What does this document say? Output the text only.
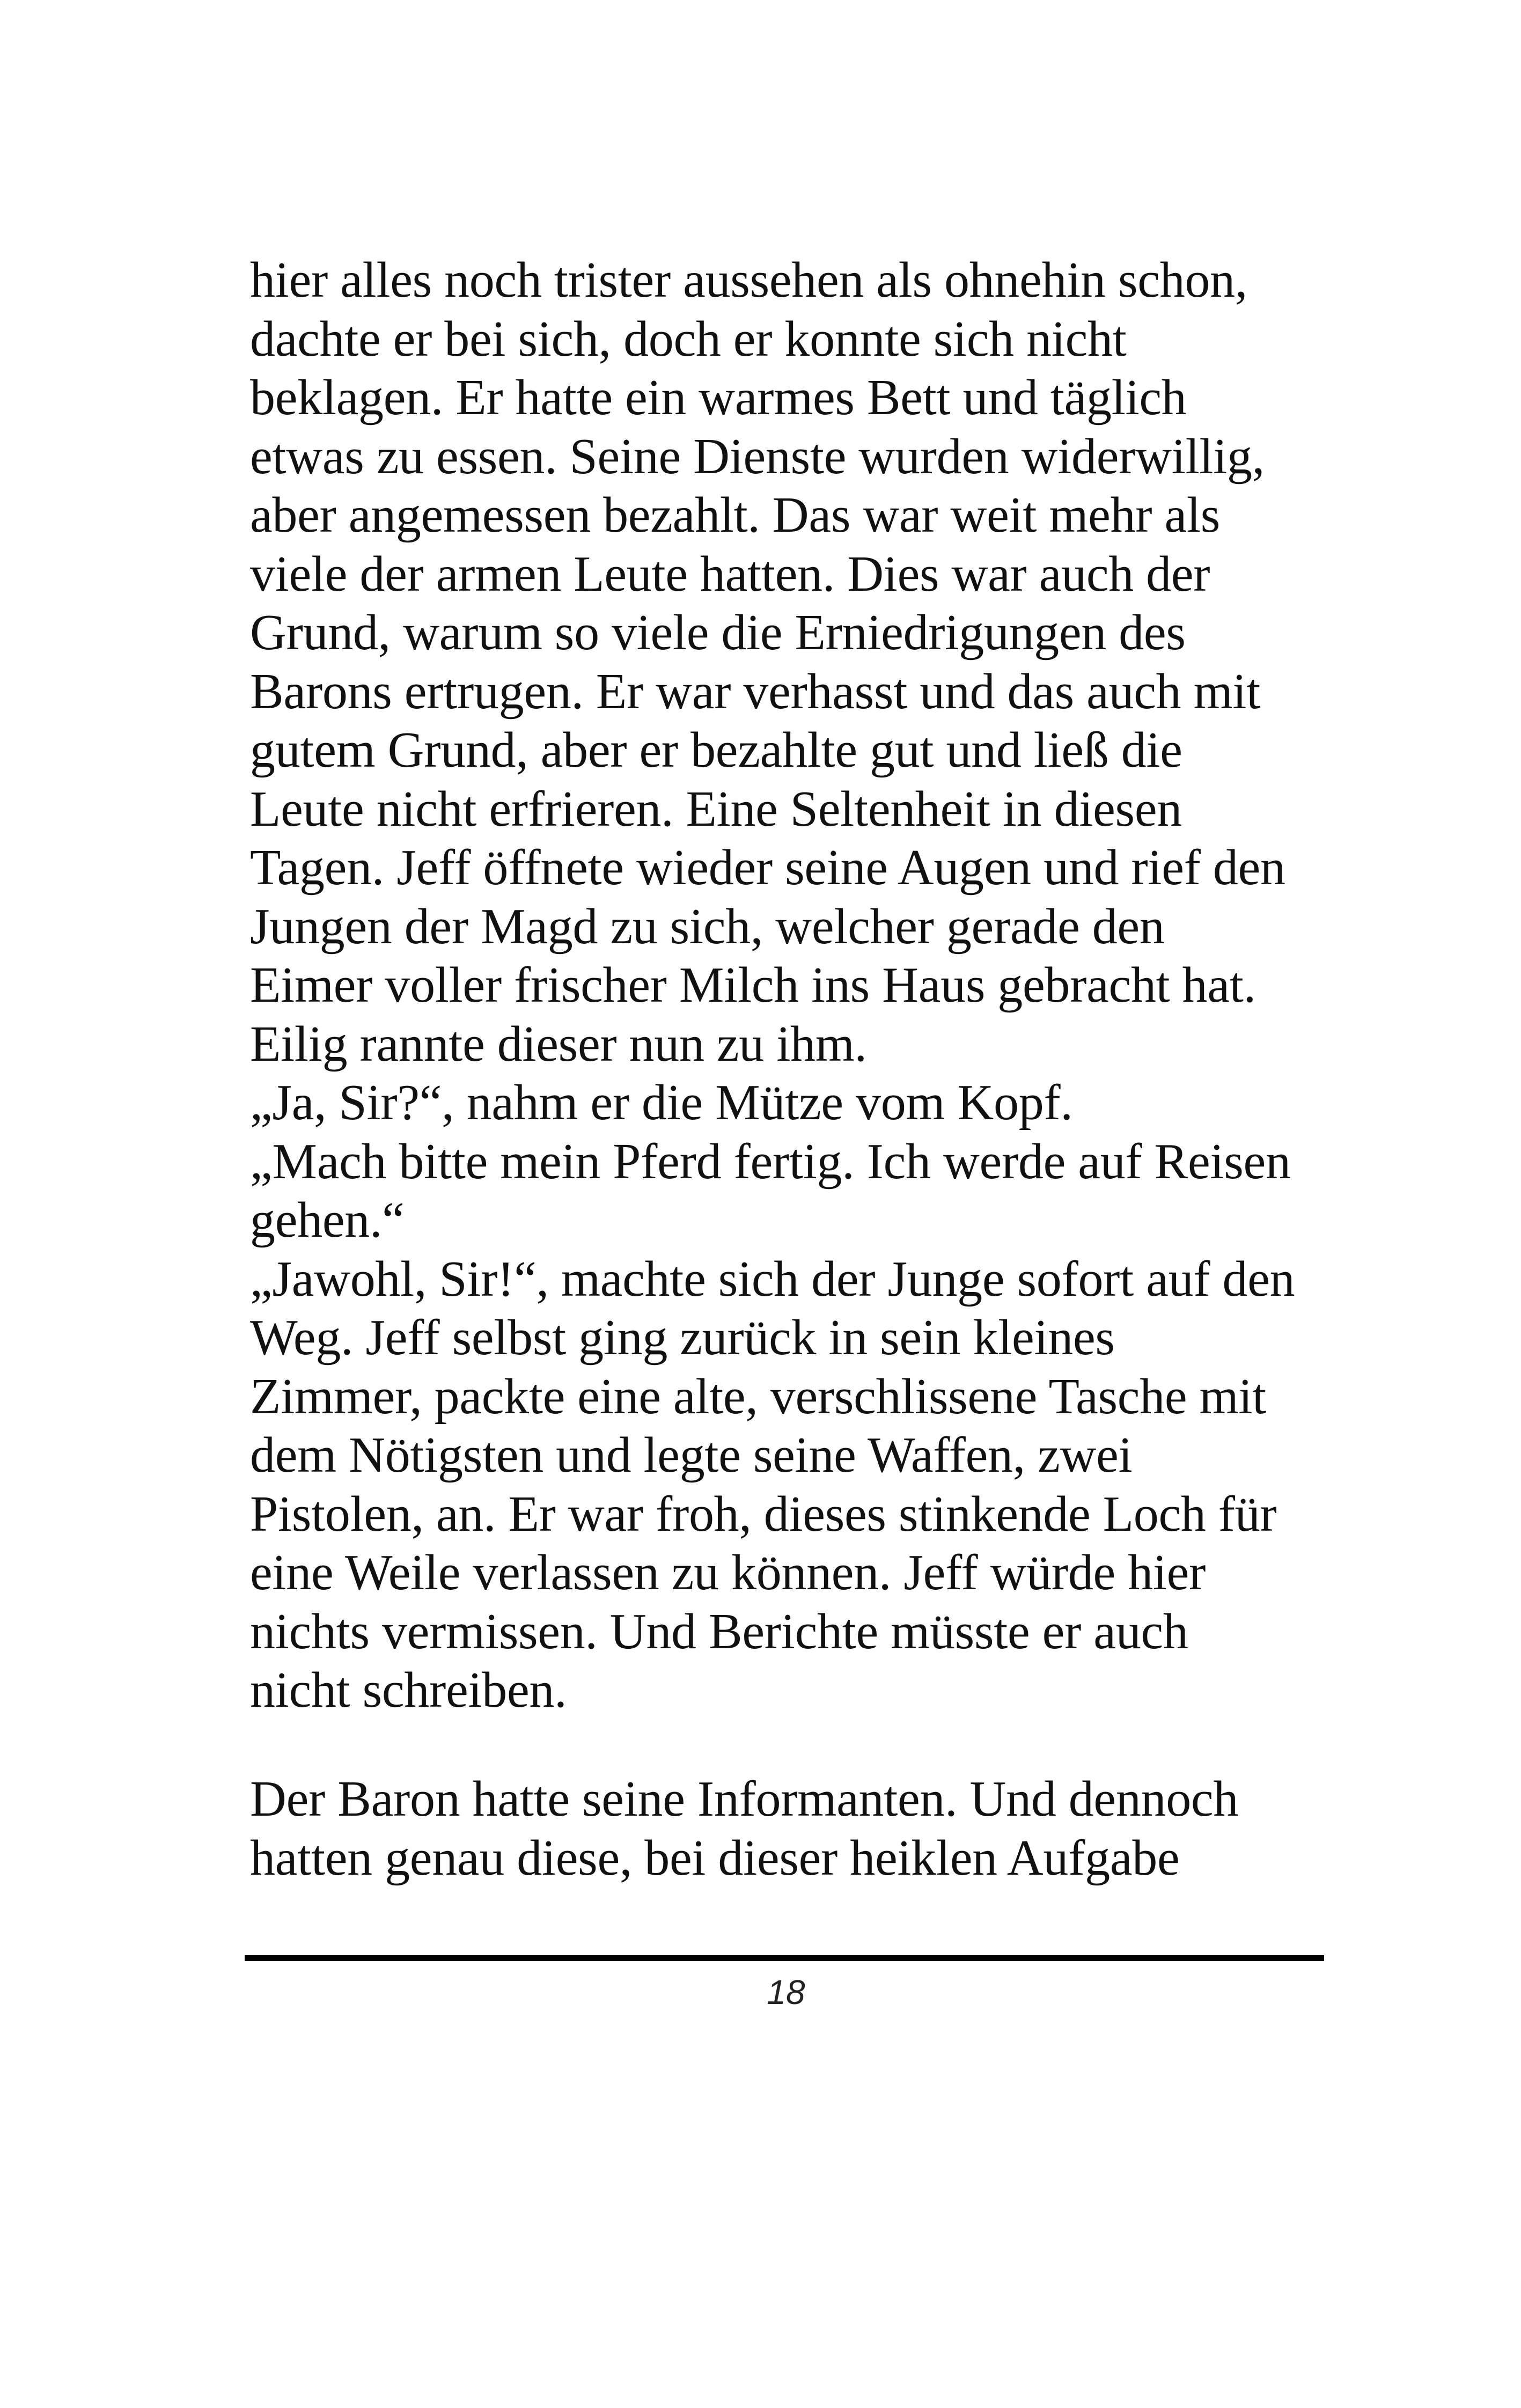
hier alles noch trister aussehen als ohnehin schon,
dachte er bei sich, doch er konnte sich nicht
beklagen. Er hatte ein warmes Bett und täglich
etwas zu essen. Seine Dienste wurden widerwillig,
aber angemessen bezahlt. Das war weit mehr als
viele der armen Leute hatten. Dies war auch der
Grund, warum so viele die Erniedrigungen des
Barons ertrugen. Er war verhasst und das auch mit
gutem Grund, aber er bezahlte gut und ließ die
Leute nicht erfrieren. Eine Seltenheit in diesen
Tagen. Jeff öffnete wieder seine Augen und rief den
Jungen der Magd zu sich, welcher gerade den
Eimer voller frischer Milch ins Haus gebracht hat.
Eilig rannte dieser nun zu ihm.
„Ja, Sir?“, nahm er die Mütze vom Kopf.
„Mach bitte mein Pferd fertig. Ich werde auf Reisen
gehen.“
„Jawohl, Sir!“, machte sich der Junge sofort auf den
Weg. Jeff selbst ging zurück in sein kleines
Zimmer, packte eine alte, verschlissene Tasche mit
dem Nötigsten und legte seine Waffen, zwei
Pistolen, an. Er war froh, dieses stinkende Loch für
eine Weile verlassen zu können. Jeff würde hier
nichts vermissen. Und Berichte müsste er auch
nicht schreiben.
Der Baron hatte seine Informanten. Und dennoch
hatten genau diese, bei dieser heiklen Aufgabe
18
